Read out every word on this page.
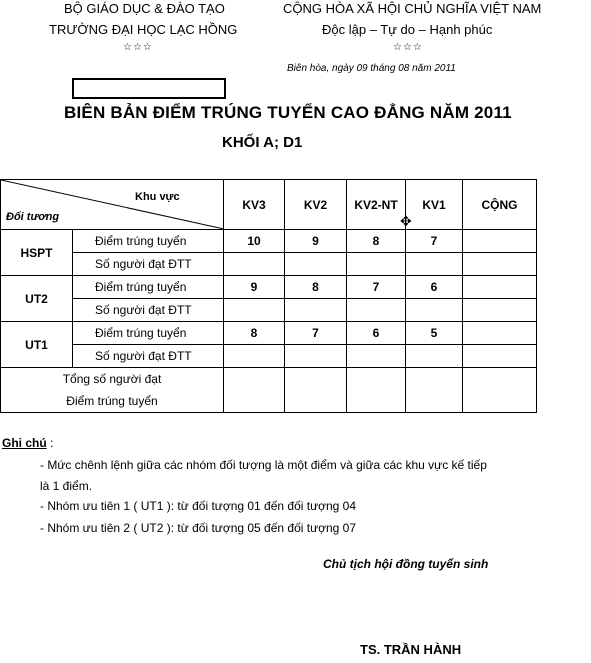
BỘ GIÁO DỤC & ĐÀO TẠO
TRƯỜNG ĐẠI HỌC LẠC HỒNG
☆☆☆
CỘNG HÒA XÃ HỘI CHỦ NGHĨA VIỆT NAM
Độc lập – Tự do – Hạnh phúc
☆☆☆
Biên hòa, ngày 09 tháng 08 năm 2011
BIÊN BẢN ĐIỂM TRÚNG TUYỂN CAO ĐẲNG NĂM 2011
KHỐI A; D1
Khu vực
Đối tương		KV3	KV2	KV2-NT	KV1	CỘNG
HSPT	Điểm trúng tuyển	10	9	8	7	
	Số người đạt ĐTT					
UT2	Điểm trúng tuyển	9	8	7	6	
	Số người đạt ĐTT					
UT1	Điểm trúng tuyển	8	7	6	5	
	Số người đạt ĐTT					

Tổng số người đạt
Điểm trúng tuyển						

✥
Ghi chú :
- Mức chênh lệnh giữa các nhóm đối tượng là một điểm và giữa các khu vực kế tiếp
là 1 điểm.
- Nhóm ưu tiên 1 ( UT1 ): từ đối tượng 01 đến đối tượng 04
- Nhóm ưu tiên 2 ( UT2 ): từ đối tượng 05 đến đối tượng 07
Chủ tịch hội đồng tuyển sinh
TS. TRẦN HÀNH
